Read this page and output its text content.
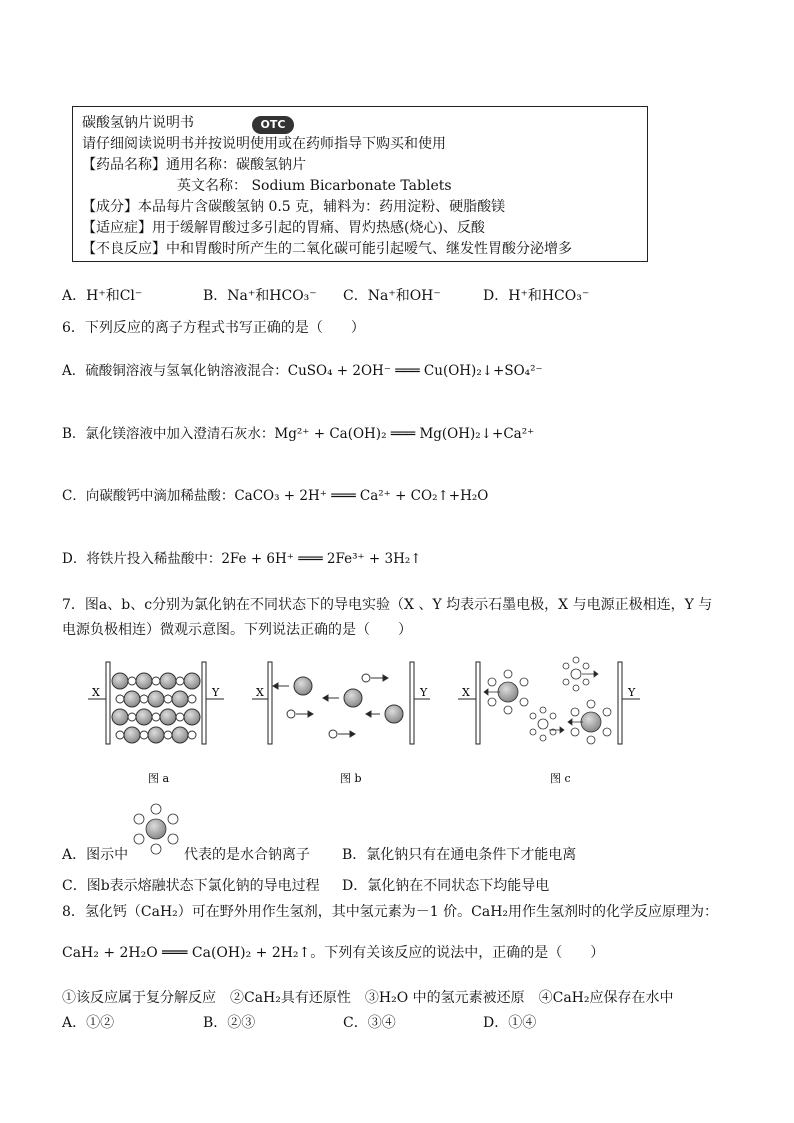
碳酸氢钠片说明书	OTC
请仔细阅读说明书并按说明使用或在药师指导下购买和使用
【药品名称】通用名称：碳酸氢钠片
英文名称： Sodium Bicarbonate Tablets
【成分】本品每片含碳酸氢钠 0.5 克，辅料为：药用淀粉、硬脂酸镁
【适应症】用于缓解胃酸过多引起的胃痛、胃灼热感(烧心)、反酸
【不良反应】中和胃酸时所产生的二氧化碳可能引起嗳气、继发性胃酸分泌增多
A．H⁺和Cl⁻	B．Na⁺和HCO₃⁻ C．Na⁺和OH⁻	D．H⁺和HCO₃⁻
6．下列反应的离子方程式书写正确的是（　　）
A．硫酸铜溶液与氢氧化钠溶液混合：CuSO₄ + 2OH⁻ ═══ Cu(OH)₂↓+SO₄²⁻
B．氯化镁溶液中加入澄清石灰水：Mg²⁺ + Ca(OH)₂ ═══ Mg(OH)₂↓+Ca²⁺
C．向碳酸钙中滴加稀盐酸：CaCO₃ + 2H⁺ ═══ Ca²⁺ + CO₂↑+H₂O
D．将铁片投入稀盐酸中：2Fe + 6H⁺ ═══ 2Fe³⁺ + 3H₂↑
7．图a、b、c分别为氯化钠在不同状态下的导电实验（X 、Y 均表示石墨电极，X 与电源正极相连，Y 与
电源负极相连）微观示意图。下列说法正确的是（　　）
X	Y
图 a
X	Y
图 b
X	Y
图 c
A．图示中	代表的是水合钠离子 B．氯化钠只有在通电条件下才能电离
C．图b表示熔融状态下氯化钠的导电过程 D．氯化钠在不同状态下均能导电
8．氢化钙（CaH₂）可在野外用作生氢剂，其中氢元素为－1 价。CaH₂用作生氢剂时的化学反应原理为：
CaH₂ + 2H₂O ═══ Ca(OH)₂ + 2H₂↑。下列有关该反应的说法中，正确的是（　　）
①该反应属于复分解反应　②CaH₂具有还原性　③H₂O 中的氢元素被还原　④CaH₂应保存在水中
A．①②	B．②③	C．③④	D．①④
